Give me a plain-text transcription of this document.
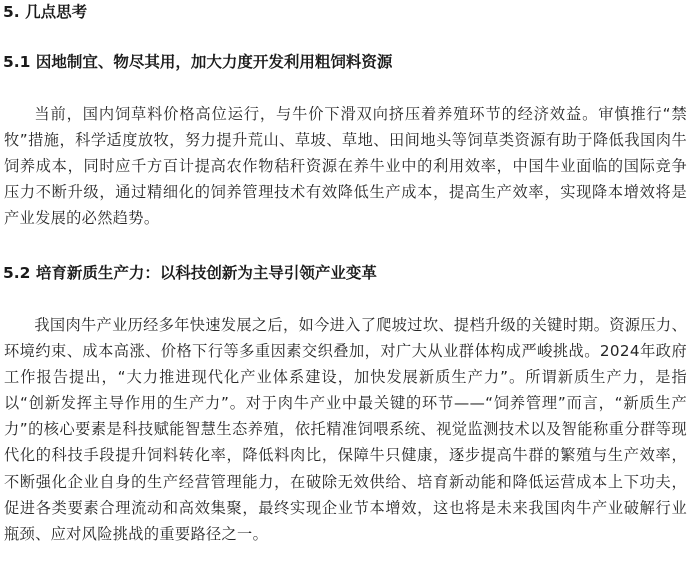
5. 几点思考
5.1 因地制宜、物尽其用，加大力度开发利用粗饲料资源

当前，国内饲草料价格高位运行，与牛价下滑双向挤压着养殖环节的经济效益。审慎推行“禁牧”措施，科学适度放牧，努力提升荒山、草坡、草地、田间地头等饲草类资源有助于降低我国肉牛饲养成本，同时应千方百计提高农作物秸秆资源在养牛业中的利用效率，中国牛业面临的国际竞争压力不断升级，通过精细化的饲养管理技术有效降低生产成本，提高生产效率，实现降本增效将是产业发展的必然趋势。

5.2 培育新质生产力：以科技创新为主导引领产业变革

我国肉牛产业历经多年快速发展之后，如今进入了爬坡过坎、提档升级的关键时期。资源压力、环境约束、成本高涨、价格下行等多重因素交织叠加，对广大从业群体构成严峻挑战。2024年政府工作报告提出，“大力推进现代化产业体系建设，加快发展新质生产力”。所谓新质生产力，是指以“创新发挥主导作用的生产力”。对于肉牛产业中最关键的环节——“饲养管理”而言，“新质生产力”的核心要素是科技赋能智慧生态养殖，依托精准饲喂系统、视觉监测技术以及智能称重分群等现代化的科技手段提升饲料转化率，降低料肉比，保障牛只健康，逐步提高牛群的繁殖与生产效率，不断强化企业自身的生产经营管理能力，在破除无效供给、培育新动能和降低运营成本上下功夫，促进各类要素合理流动和高效集聚，最终实现企业节本增效，这也将是未来我国肉牛产业破解行业瓶颈、应对风险挑战的重要路径之一。
